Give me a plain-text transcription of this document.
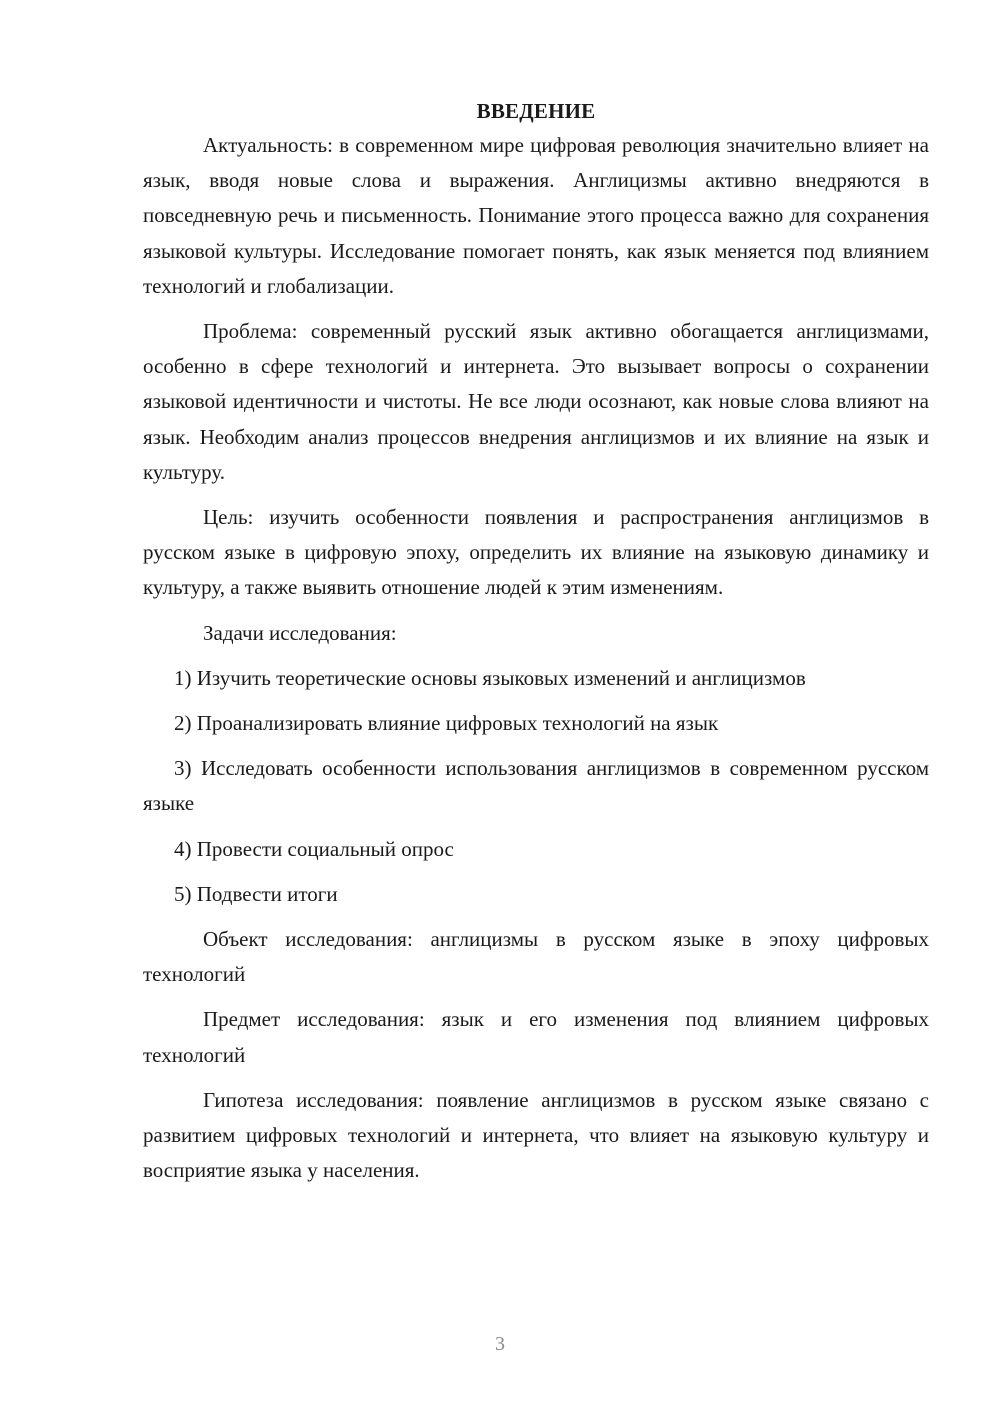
ВВЕДЕНИЕ

Актуальность: в современном мире цифровая революция значительно влияет на язык, вводя новые слова и выражения. Англицизмы активно внедряются в повседневную речь и письменность. Понимание этого процесса важно для сохранения языковой культуры. Исследование помогает понять, как язык меняется под влиянием технологий и глобализации.

Проблема: современный русский язык активно обогащается англицизмами, особенно в сфере технологий и интернета. Это вызывает вопросы о сохранении языковой идентичности и чистоты. Не все люди осознают, как новые слова влияют на язык. Необходим анализ процессов внедрения англицизмов и их влияние на язык и культуру.

Цель: изучить особенности появления и распространения англицизмов в русском языке в цифровую эпоху, определить их влияние на языковую динамику и культуру, а также выявить отношение людей к этим изменениям.

Задачи исследования:

1) Изучить теоретические основы языковых изменений и англицизмов

2) Проанализировать влияние цифровых технологий на язык

3) Исследовать особенности использования англицизмов в современном русском языке

4) Провести социальный опрос

5) Подвести итоги

Объект исследования: англицизмы в русском языке в эпоху цифровых технологий

Предмет исследования: язык и его изменения под влиянием цифровых технологий

Гипотеза исследования: появление англицизмов в русском языке связано с развитием цифровых технологий и интернета, что влияет на языковую культуру и восприятие языка у населения.

3
